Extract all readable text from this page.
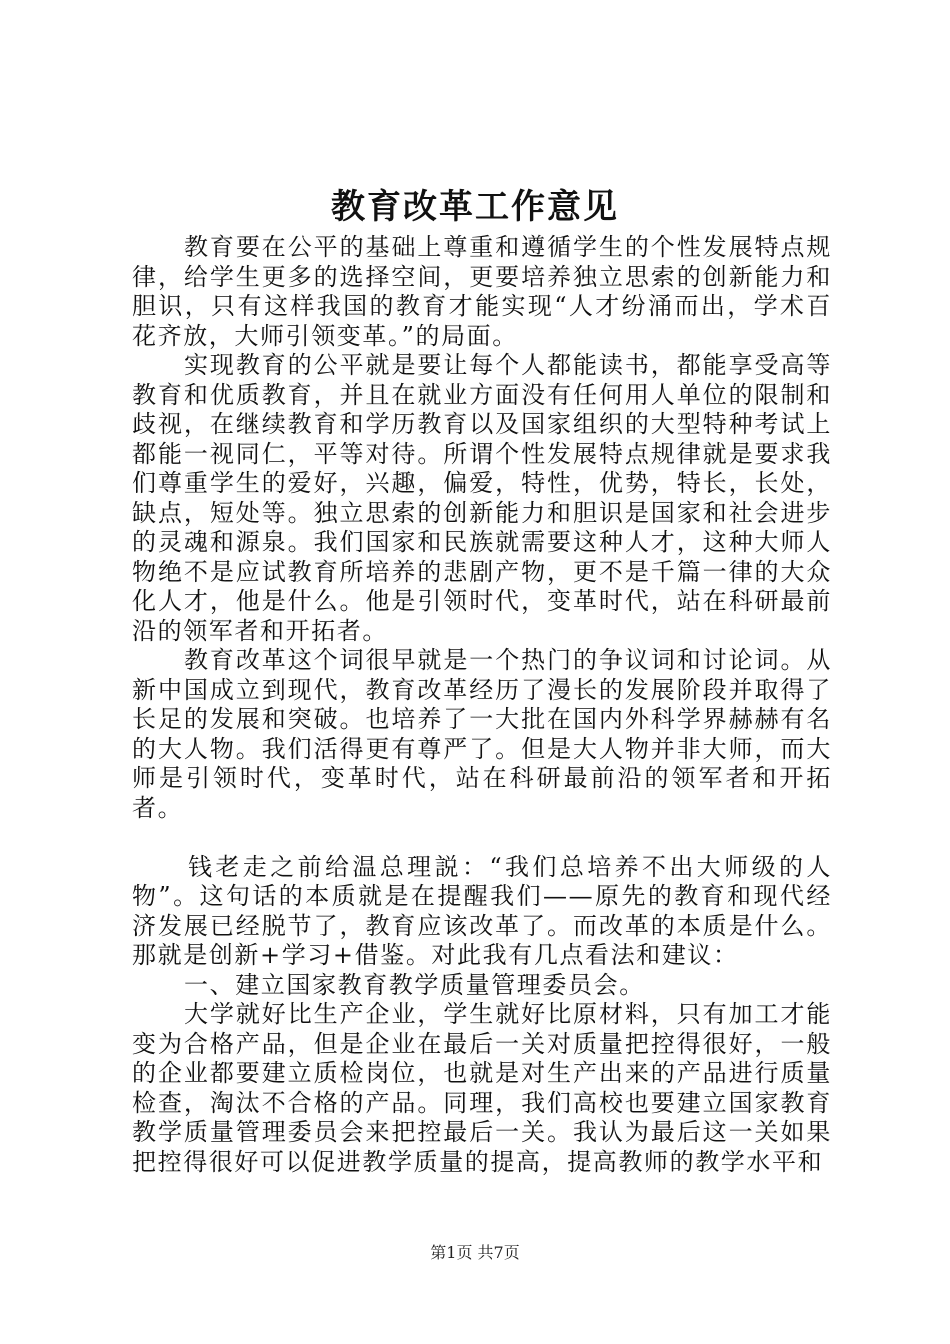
教育改革工作意见

教育要在公平的基础上尊重和遵循学生的个性发展特点规律，给学生更多的选择空间，更要培养独立思索的创新能力和胆识，只有这样我国的教育才能实现“人才纷涌而出，学术百花齐放，大师引领变革。”的局面。

实现教育的公平就是要让每个人都能读书，都能享受高等教育和优质教育，并且在就业方面没有任何用人单位的限制和歧视，在继续教育和学历教育以及国家组织的大型特种考试上都能一视同仁，平等对待。所谓个性发展特点规律就是要求我们尊重学生的爱好，兴趣，偏爱，特性，优势，特长，长处，缺点，短处等。独立思索的创新能力和胆识是国家和社会进步的灵魂和源泉。我们国家和民族就需要这种人才，这种大师人物绝不是应试教育所培养的悲剧产物，更不是千篇一律的大众化人才，他是什么。他是引领时代，变革时代，站在科研最前沿的领军者和开拓者。

教育改革这个词很早就是一个热门的争议词和讨论词。从新中国成立到现代，教育改革经历了漫长的发展阶段并取得了长足的发展和突破。也培养了一大批在国内外科学界赫赫有名的大人物。我们活得更有尊严了。但是大人物并非大师，而大师是引领时代，变革时代，站在科研最前沿的领军者和开拓者。

钱老走之前给温总理説：“我们总培养不出大师级的人物”。这句话的本质就是在提醒我们——原先的教育和现代经济发展已经脱节了，教育应该改革了。而改革的本质是什么。那就是创新+学习+借鉴。对此我有几点看法和建议：

一、建立国家教育教学质量管理委员会。

大学就好比生产企业，学生就好比原材料，只有加工才能变为合格产品，但是企业在最后一关对质量把控得很好，一般的企业都要建立质检岗位，也就是对生产出来的产品进行质量检查，淘汰不合格的产品。同理，我们高校也要建立国家教育教学质量管理委员会来把控最后一关。我认为最后这一关如果把控得很好可以促进教学质量的提高，提高教师的教学水平和

第1页 共7页
